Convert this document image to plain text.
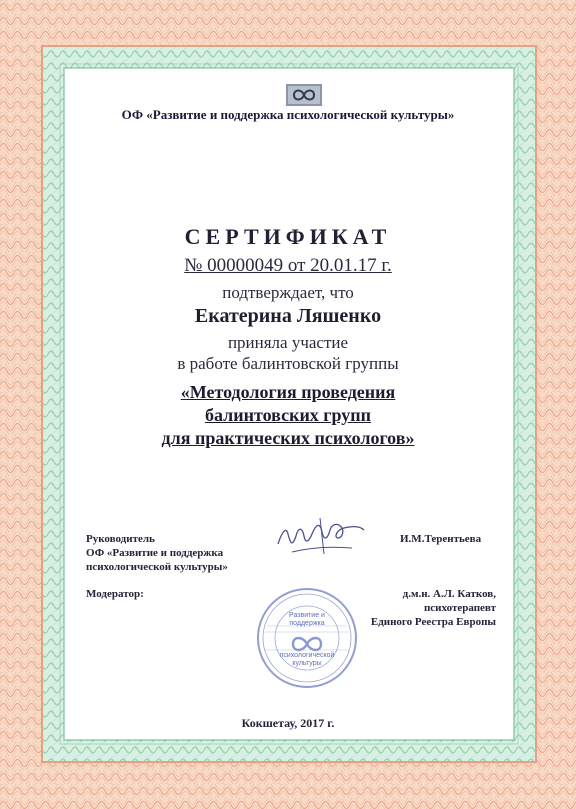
ОФ «Развитие и поддержка психологической культуры»
СЕРТИФИКАТ
№ 00000049 от 20.01.17 г.
подтверждает, что
Екатерина Ляшенко
приняла участие
в работе балинтовской группы
«Методология проведения
балинтовских групп
для практических психологов»
Руководитель
ОФ «Развитие и поддержка
психологической культуры»
И.М.Терентьева
Модератор:	д.м.н. А.Л. Катков,
психотерапевт
Единого Реестра Европы
Развитие и
поддержка
психологической
культуры
Кокшетау, 2017 г.
